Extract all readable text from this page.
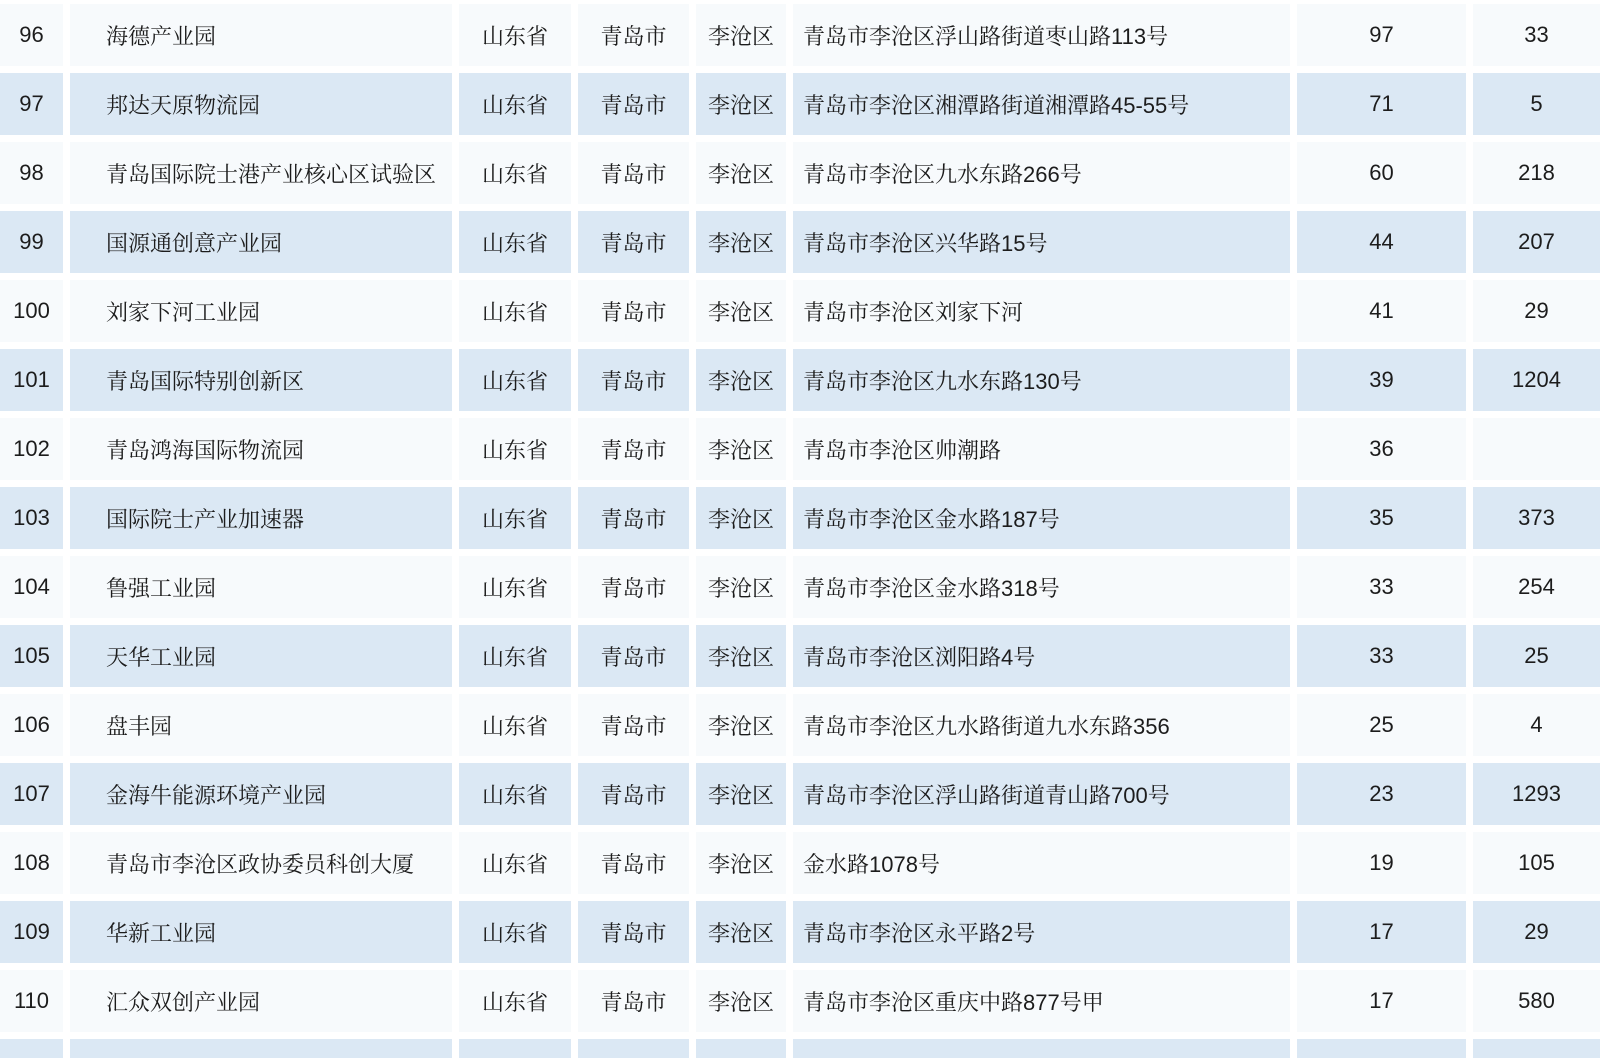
96	海德产业园	山东省	青岛市	李沧区	青岛市李沧区浮山路街道枣山路113号	97	33
97	邦达天原物流园	山东省	青岛市	李沧区	青岛市李沧区湘潭路街道湘潭路45-55号	71	5
98	青岛国际院士港产业核心区试验区	山东省	青岛市	李沧区	青岛市李沧区九水东路266号	60	218
99	国源通创意产业园	山东省	青岛市	李沧区	青岛市李沧区兴华路15号	44	207
100	刘家下河工业园	山东省	青岛市	李沧区	青岛市李沧区刘家下河	41	29
101	青岛国际特别创新区	山东省	青岛市	李沧区	青岛市李沧区九水东路130号	39	1204
102	青岛鸿海国际物流园	山东省	青岛市	李沧区	青岛市李沧区帅潮路	36
103	国际院士产业加速器	山东省	青岛市	李沧区	青岛市李沧区金水路187号	35	373
104	鲁强工业园	山东省	青岛市	李沧区	青岛市李沧区金水路318号	33	254
105	天华工业园	山东省	青岛市	李沧区	青岛市李沧区浏阳路4号	33	25
106	盘丰园	山东省	青岛市	李沧区	青岛市李沧区九水路街道九水东路356	25	4
107	金海牛能源环境产业园	山东省	青岛市	李沧区	青岛市李沧区浮山路街道青山路700号	23	1293
108	青岛市李沧区政协委员科创大厦	山东省	青岛市	李沧区	金水路1078号	19	105
109	华新工业园	山东省	青岛市	李沧区	青岛市李沧区永平路2号	17	29
110	汇众双创产业园	山东省	青岛市	李沧区	青岛市李沧区重庆中路877号甲	17	580
